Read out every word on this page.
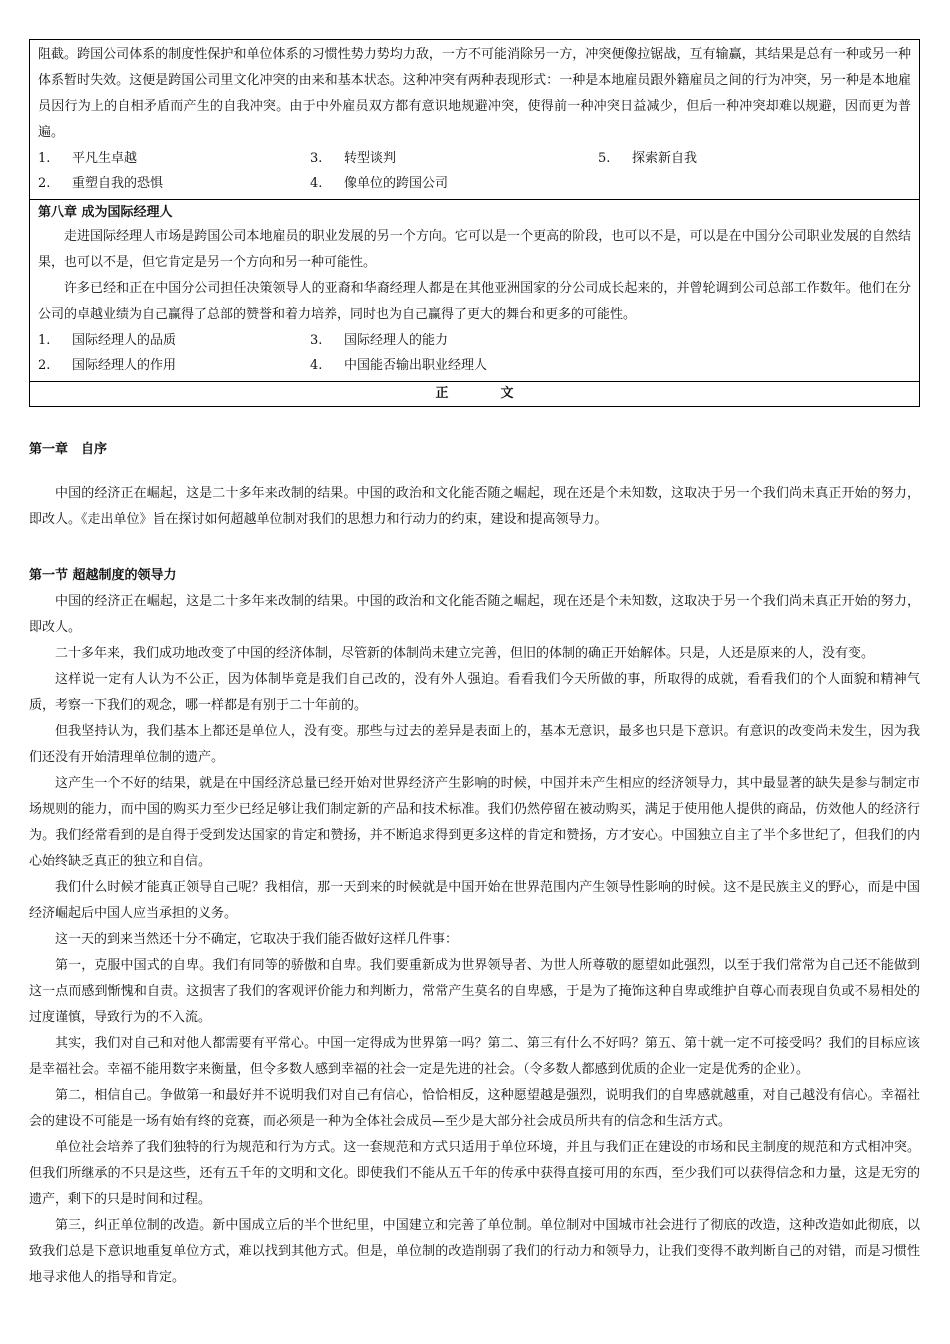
阻截。跨国公司体系的制度性保护和单位体系的习惯性势力势均力敌，一方不可能消除另一方，冲突便像拉锯战，互有输赢，其结果是总有一种或另一种体系暂时失效。这便是跨国公司里文化冲突的由来和基本状态。这种冲突有两种表现形式：一种是本地雇员跟外籍雇员之间的行为冲突，另一种是本地雇员因行为上的自相矛盾而产生的自我冲突。由于中外雇员双方都有意识地规避冲突，使得前一种冲突日益减少，但后一种冲突却难以规避，因而更为普遍。
1.	平凡生卓越	3.	转型谈判	5.	探索新自我
2.	重塑自我的恐惧	4.	像单位的跨国公司
第八章 成为国际经理人
走进国际经理人市场是跨国公司本地雇员的职业发展的另一个方向。它可以是一个更高的阶段，也可以不是，可以是在中国分公司职业发展的自然结果，也可以不是，但它肯定是另一个方向和另一种可能性。
许多已经和正在中国分公司担任决策领导人的亚裔和华裔经理人都是在其他亚洲国家的分公司成长起来的，并曾轮调到公司总部工作数年。他们在分公司的卓越业绩为自己赢得了总部的赞誉和着力培养，同时也为自己赢得了更大的舞台和更多的可能性。
1.	国际经理人的品质	3.	国际经理人的能力
2.	国际经理人的作用	4.	中国能否输出职业经理人
正	文
第一章　自序
中国的经济正在崛起，这是二十多年来改制的结果。中国的政治和文化能否随之崛起，现在还是个未知数，这取决于另一个我们尚未真正开始的努力，即改人。《走出单位》旨在探讨如何超越单位制对我们的思想力和行动力的约束，建设和提高领导力。
第一节 超越制度的领导力
中国的经济正在崛起，这是二十多年来改制的结果。中国的政治和文化能否随之崛起，现在还是个未知数，这取决于另一个我们尚未真正开始的努力，即改人。
二十多年来，我们成功地改变了中国的经济体制，尽管新的体制尚未建立完善，但旧的体制的确正开始解体。只是，人还是原来的人，没有变。
这样说一定有人认为不公正，因为体制毕竟是我们自己改的，没有外人强迫。看看我们今天所做的事，所取得的成就，看看我们的个人面貌和精神气质，考察一下我们的观念，哪一样都是有别于二十年前的。
但我坚持认为，我们基本上都还是单位人，没有变。那些与过去的差异是表面上的，基本无意识，最多也只是下意识。有意识的改变尚未发生，因为我们还没有开始清理单位制的遗产。
这产生一个不好的结果，就是在中国经济总量已经开始对世界经济产生影响的时候，中国并未产生相应的经济领导力，其中最显著的缺失是参与制定市场规则的能力，而中国的购买力至少已经足够让我们制定新的产品和技术标准。我们仍然停留在被动购买，满足于使用他人提供的商品，仿效他人的经济行为。我们经常看到的是自得于受到发达国家的肯定和赞扬，并不断追求得到更多这样的肯定和赞扬，方才安心。中国独立自主了半个多世纪了，但我们的内心始终缺乏真正的独立和自信。
我们什么时候才能真正领导自己呢？我相信，那一天到来的时候就是中国开始在世界范围内产生领导性影响的时候。这不是民族主义的野心，而是中国经济崛起后中国人应当承担的义务。
这一天的到来当然还十分不确定，它取决于我们能否做好这样几件事：
第一，克服中国式的自卑。我们有同等的骄傲和自卑。我们要重新成为世界领导者、为世人所尊敬的愿望如此强烈，以至于我们常常为自己还不能做到这一点而感到惭愧和自责。这损害了我们的客观评价能力和判断力，常常产生莫名的自卑感，于是为了掩饰这种自卑或维护自尊心而表现自负或不易相处的过度谨慎，导致行为的不入流。
其实，我们对自己和对他人都需要有平常心。中国一定得成为世界第一吗？第二、第三有什么不好吗？第五、第十就一定不可接受吗？我们的目标应该是幸福社会。幸福不能用数字来衡量，但令多数人感到幸福的社会一定是先进的社会。（令多数人都感到优质的企业一定是优秀的企业）。
第二，相信自己。争做第一和最好并不说明我们对自己有信心，恰恰相反，这种愿望越是强烈，说明我们的自卑感就越重，对自己越没有信心。幸福社会的建设不可能是一场有始有终的竞赛，而必须是一种为全体社会成员—至少是大部分社会成员所共有的信念和生活方式。
单位社会培养了我们独特的行为规范和行为方式。这一套规范和方式只适用于单位环境，并且与我们正在建设的市场和民主制度的规范和方式相冲突。但我们所继承的不只是这些，还有五千年的文明和文化。即使我们不能从五千年的传承中获得直接可用的东西，至少我们可以获得信念和力量，这是无穷的遗产，剩下的只是时间和过程。
第三，纠正单位制的改造。新中国成立后的半个世纪里，中国建立和完善了单位制。单位制对中国城市社会进行了彻底的改造，这种改造如此彻底，以致我们总是下意识地重复单位方式，难以找到其他方式。但是，单位制的改造削弱了我们的行动力和领导力，让我们变得不敢判断自己的对错，而是习惯性地寻求他人的指导和肯定。
